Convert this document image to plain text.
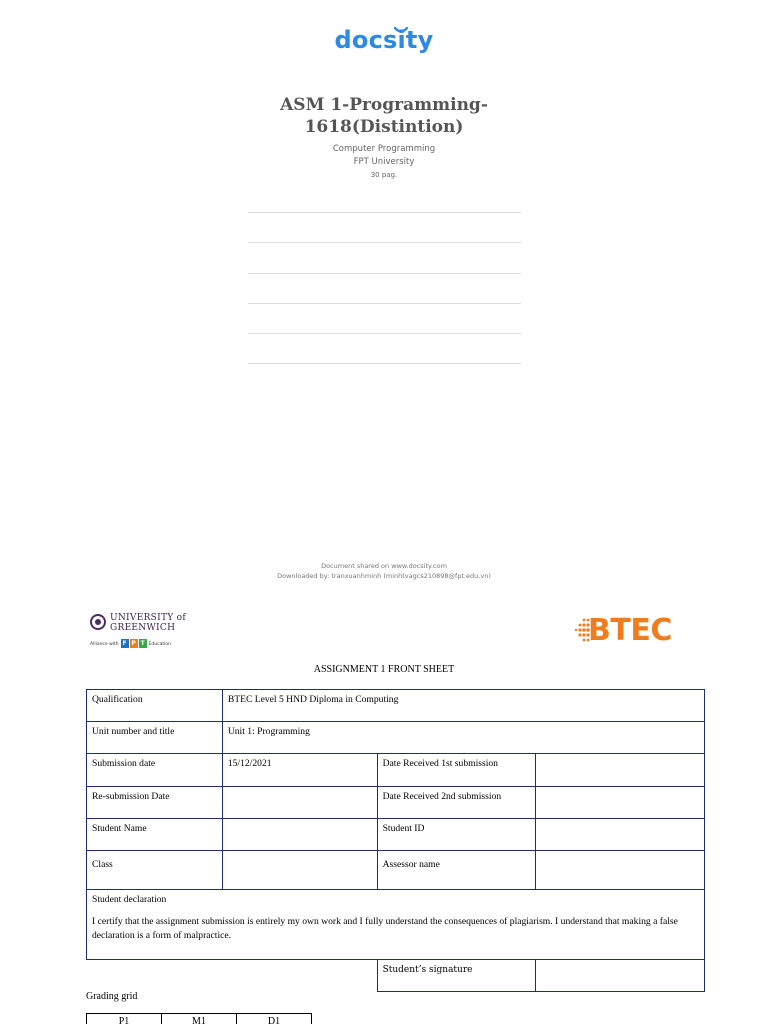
docsity
ASM 1-Programming-
1618(Distintion)
Computer Programming
FPT University
30 pag.
Document shared on www.docsity.com
Downloaded by: tranxuanhminh (minhtvagcs210898@fpt.edu.vn)
UNIVERSITY of
GREENWICH
Alliance with F P T Education	BTEC
ASSIGNMENT 1 FRONT SHEET
Qualification	BTEC Level 5 HND Diploma in Computing		
Unit number and title	Unit 1: Programming		
Submission date	15/12/2021	Date Received 1st submission	
Re-submission Date		Date Received 2nd submission	
Student Name		Student ID	
Class		Assessor name	

Student declaration
I certify that the assignment submission is entirely my own work and I fully understand the consequences of plagiarism. I understand that making a false declaration is a form of malpractice.			

		Student’s signature	
Grading grid
P1	M1	D1
